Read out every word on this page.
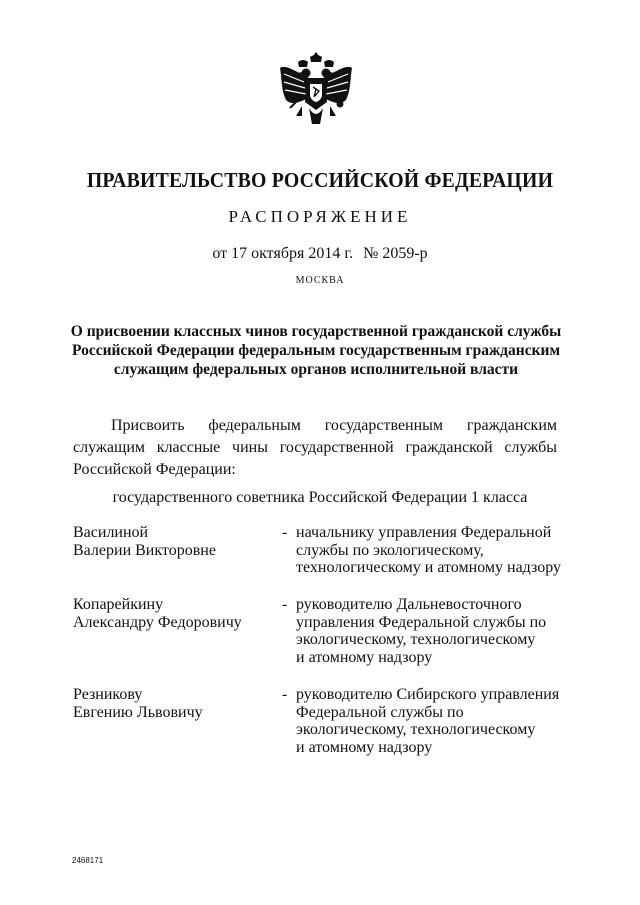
ПРАВИТЕЛЬСТВО РОССИЙСКОЙ ФЕДЕРАЦИИ
РАСПОРЯЖЕНИЕ
от 17 октября 2014 г. № 2059-р
МОСКВА
О присвоении классных чинов государственной гражданской службы
Российской Федерации федеральным государственным гражданским
служащим федеральных органов исполнительной власти
Присвоить федеральным государственным гражданским служащим классные чины государственной гражданской службы Российской Федерации:
государственного советника Российской Федерации 1 класса
Василиной
Валерии Викторовне
- начальнику управления Федеральной
службы по экологическому,
технологическому и атомному надзору
Копарейкину
Александру Федоровичу
- руководителю Дальневосточного
управления Федеральной службы по
экологическому, технологическому
и атомному надзору
Резникову
Евгению Львовичу
- руководителю Сибирского управления
Федеральной службы по
экологическому, технологическому
и атомному надзору
2468171
